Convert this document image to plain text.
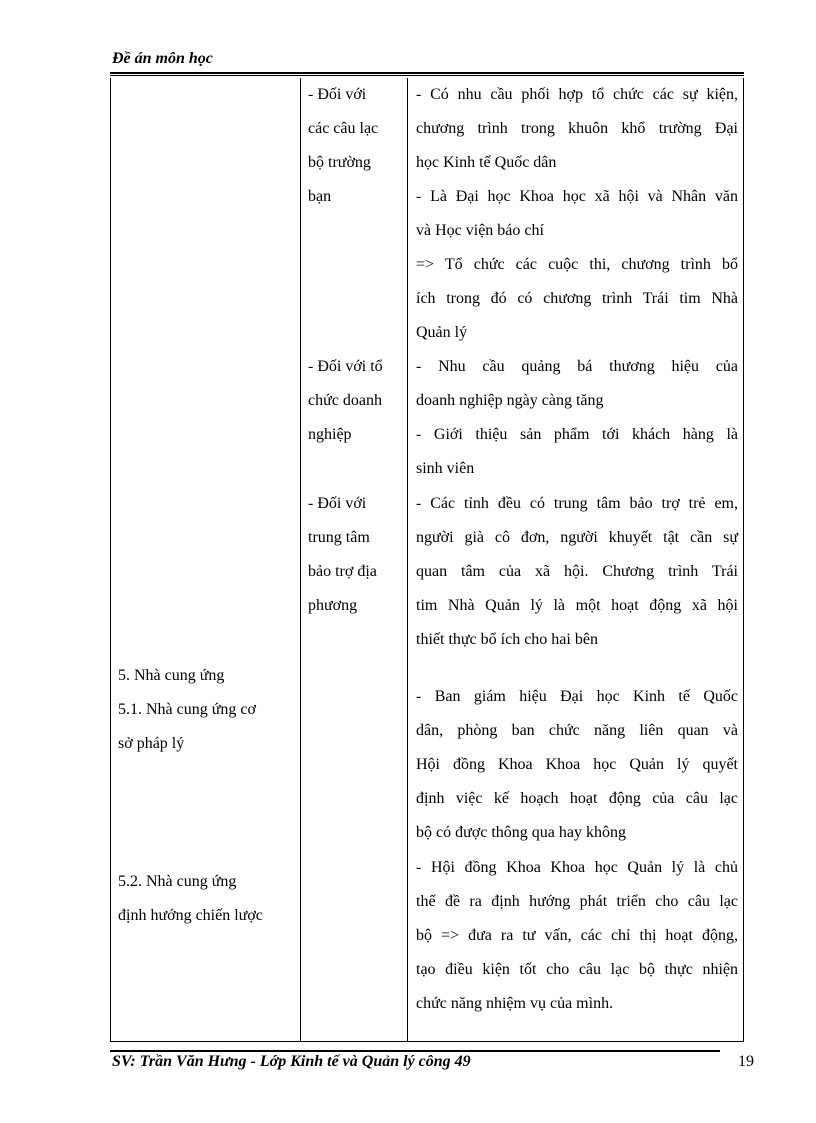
Đề án môn học
- Đối với
các câu lạc
bộ trường
bạn
- Có nhu cầu phối hợp tổ chức các sự kiện,
chương trình trong khuôn khổ trường Đại
học Kinh tế Quốc dân
- Là Đại học Khoa học xã hội và Nhân văn
và Học viện báo chí
=> Tổ chức các cuộc thi, chương trình bổ
ích trong đó có chương trình Trái tim Nhà
Quản lý
- Đối với tổ
chức doanh
nghiệp
- Nhu cầu quảng bá thương hiệu của
doanh nghiệp ngày càng tăng
- Giới thiệu sản phẩm tới khách hàng là
sinh viên
- Đối với
trung tâm
bảo trợ địa
phương
- Các tỉnh đều có trung tâm bảo trợ trẻ em,
người già cô đơn, người khuyết tật cần sự
quan tâm của xã hội. Chương trình Trái
tim Nhà Quản lý là một hoạt động xã hội
thiết thực bổ ích cho hai bên
5. Nhà cung ứng
5.1. Nhà cung ứng cơ
sở pháp lý
- Ban giám hiệu Đại học Kinh tế Quốc
dân, phòng ban chức năng liên quan và
Hội đồng Khoa Khoa học Quản lý quyết
định việc kế hoạch hoạt động của câu lạc
bộ có được thông qua hay không
5.2. Nhà cung ứng
định hướng chiến lược
- Hội đồng Khoa Khoa học Quản lý là chủ
thể đề ra định hướng phát triển cho câu lạc
bộ => đưa ra tư vấn, các chỉ thị hoạt động,
tạo điều kiện tốt cho câu lạc bộ thực nhiện
chức năng nhiệm vụ của mình.
SV: Trần Văn Hưng - Lớp Kinh tế và Quản lý công 49	19
